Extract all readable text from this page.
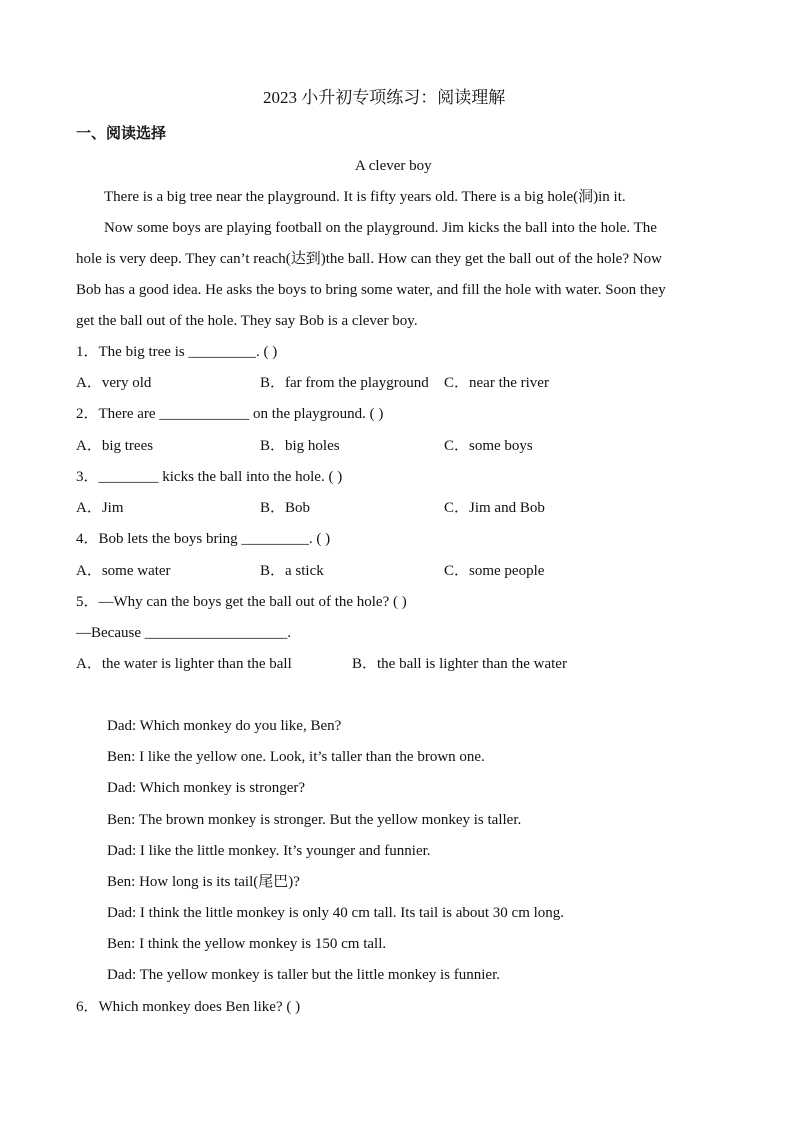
2023 小升初专项练习：阅读理解
一、阅读选择
A clever boy
There is a big tree near the playground. It is fifty years old. There is a big hole(洞)in it.
Now some boys are playing football on the playground. Jim kicks the ball into the hole. The
hole is very deep. They can’t reach(达到)the ball. How can they get the ball out of the hole? Now
Bob has a good idea. He asks the boys to bring some water, and fill the hole with water. Soon they
get the ball out of the hole. They say Bob is a clever boy.
1．The big tree is _________. ( )
A．very old	B．far from the playground C．near the river
2．There are ____________ on the playground. ( )
A．big trees	B．big holes	C．some boys
3．________ kicks the ball into the hole. ( )
A．Jim	B．Bob	C．Jim and Bob
4．Bob lets the boys bring _________. ( )
A．some water	B．a stick	C．some people
5．—Why can the boys get the ball out of the hole? ( )
—Because ___________________.
A．the water is lighter than the ball	B．the ball is lighter than the water
Dad: Which monkey do you like, Ben?
Ben: I like the yellow one. Look, it’s taller than the brown one.
Dad: Which monkey is stronger?
Ben: The brown monkey is stronger. But the yellow monkey is taller.
Dad: I like the little monkey. It’s younger and funnier.
Ben: How long is its tail(尾巴)?
Dad: I think the little monkey is only 40 cm tall. Its tail is about 30 cm long.
Ben: I think the yellow monkey is 150 cm tall.
Dad: The yellow monkey is taller but the little monkey is funnier.
6．Which monkey does Ben like? ( )
